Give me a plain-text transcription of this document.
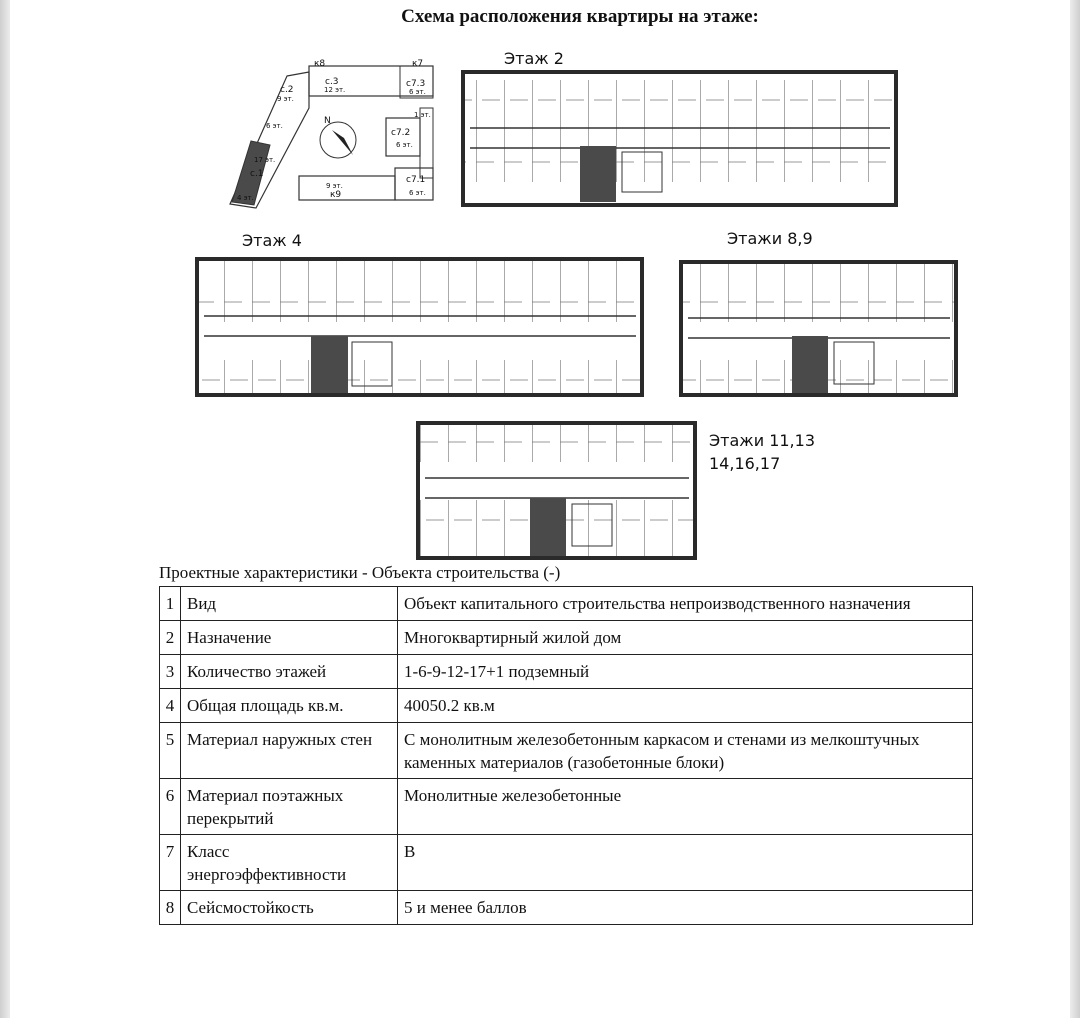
Схема расположения квартиры на этаже:
с.2
9 эт.
с.3
12 эт.
с7.3
6 эт.
с7.2
6 эт.
с7.1
6 эт.
с.1
17 эт.
к8	к7
к9
6 эт.
1 эт.
9 эт.
4 эт.
N
Этаж 2
Этаж 4	Этажи 8,9
Этажи 11,13
14,16,17
Проектные характеристики - Объекта строительства (-)
1	Вид	Объект капитального строительства непроизводственного назначения
2	Назначение	Многоквартирный жилой дом
3	Количество этажей	1-6-9-12-17+1 подземный
4	Общая площадь кв.м.	40050.2 кв.м
5	Материал наружных стен	С монолитным железобетонным каркасом и стенами из мелкоштучных каменных материалов (газобетонные блоки)
6	Материал поэтажных перекрытий	Монолитные железобетонные
7	Класс энергоэффективности	В
8	Сейсмостойкость	5 и менее баллов
